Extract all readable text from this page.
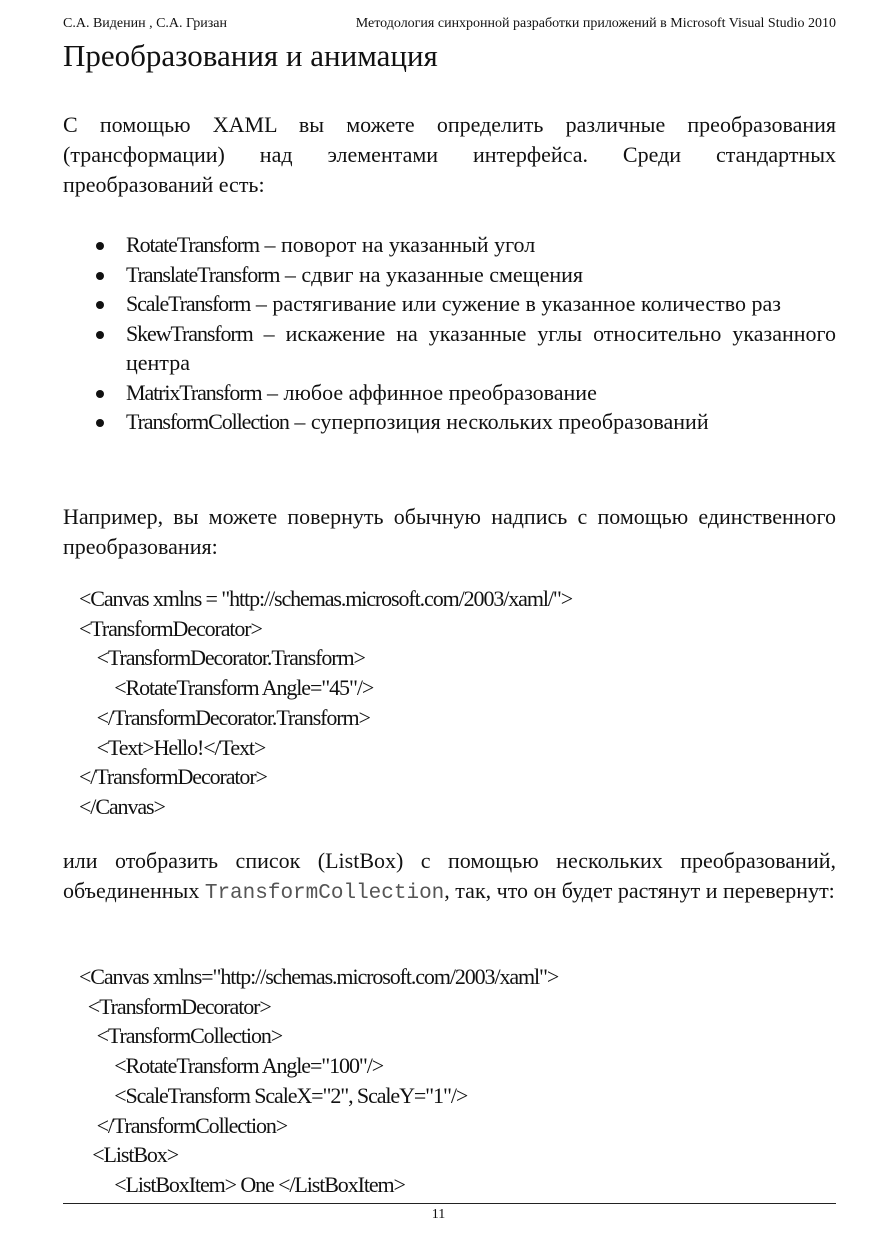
С.А. Виденин , С.А. Гризан	Методология синхронной разработки приложений в Microsoft Visual Studio 2010
Преобразования и анимация

С помощью XAML вы можете определить различные преобразования (трансформации) над элементами интерфейса. Среди стандартных преобразований есть:

RotateTransform – поворот на указанный угол
TranslateTransform – сдвиг на указанные смещения
ScaleTransform – растягивание или сужение в указанное количество раз
SkewTransform – искажение на указанные углы относительно указанного центра
MatrixTransform – любое аффинное преобразование
TransformCollection – суперпозиция нескольких преобразований

Например, вы можете повернуть обычную надпись с помощью единственного преобразования:

<Canvas xmlns = "http://schemas.microsoft.com/2003/xaml/">
<TransformDecorator>
<TransformDecorator.Transform>
<RotateTransform Angle="45"/>
</TransformDecorator.Transform>
<Text>Hello!</Text>
</TransformDecorator>
</Canvas>

или отобразить список (ListBox) с помощью нескольких преобразований, объединенных TransformCollection, так, что он будет растянут и перевернут:

<Canvas xmlns="http://schemas.microsoft.com/2003/xaml">
<TransformDecorator>
<TransformCollection>
<RotateTransform Angle="100"/>
<ScaleTransform ScaleX="2", ScaleY="1"/>
</TransformCollection>
<ListBox>
<ListBoxItem> One </ListBoxItem>
11
